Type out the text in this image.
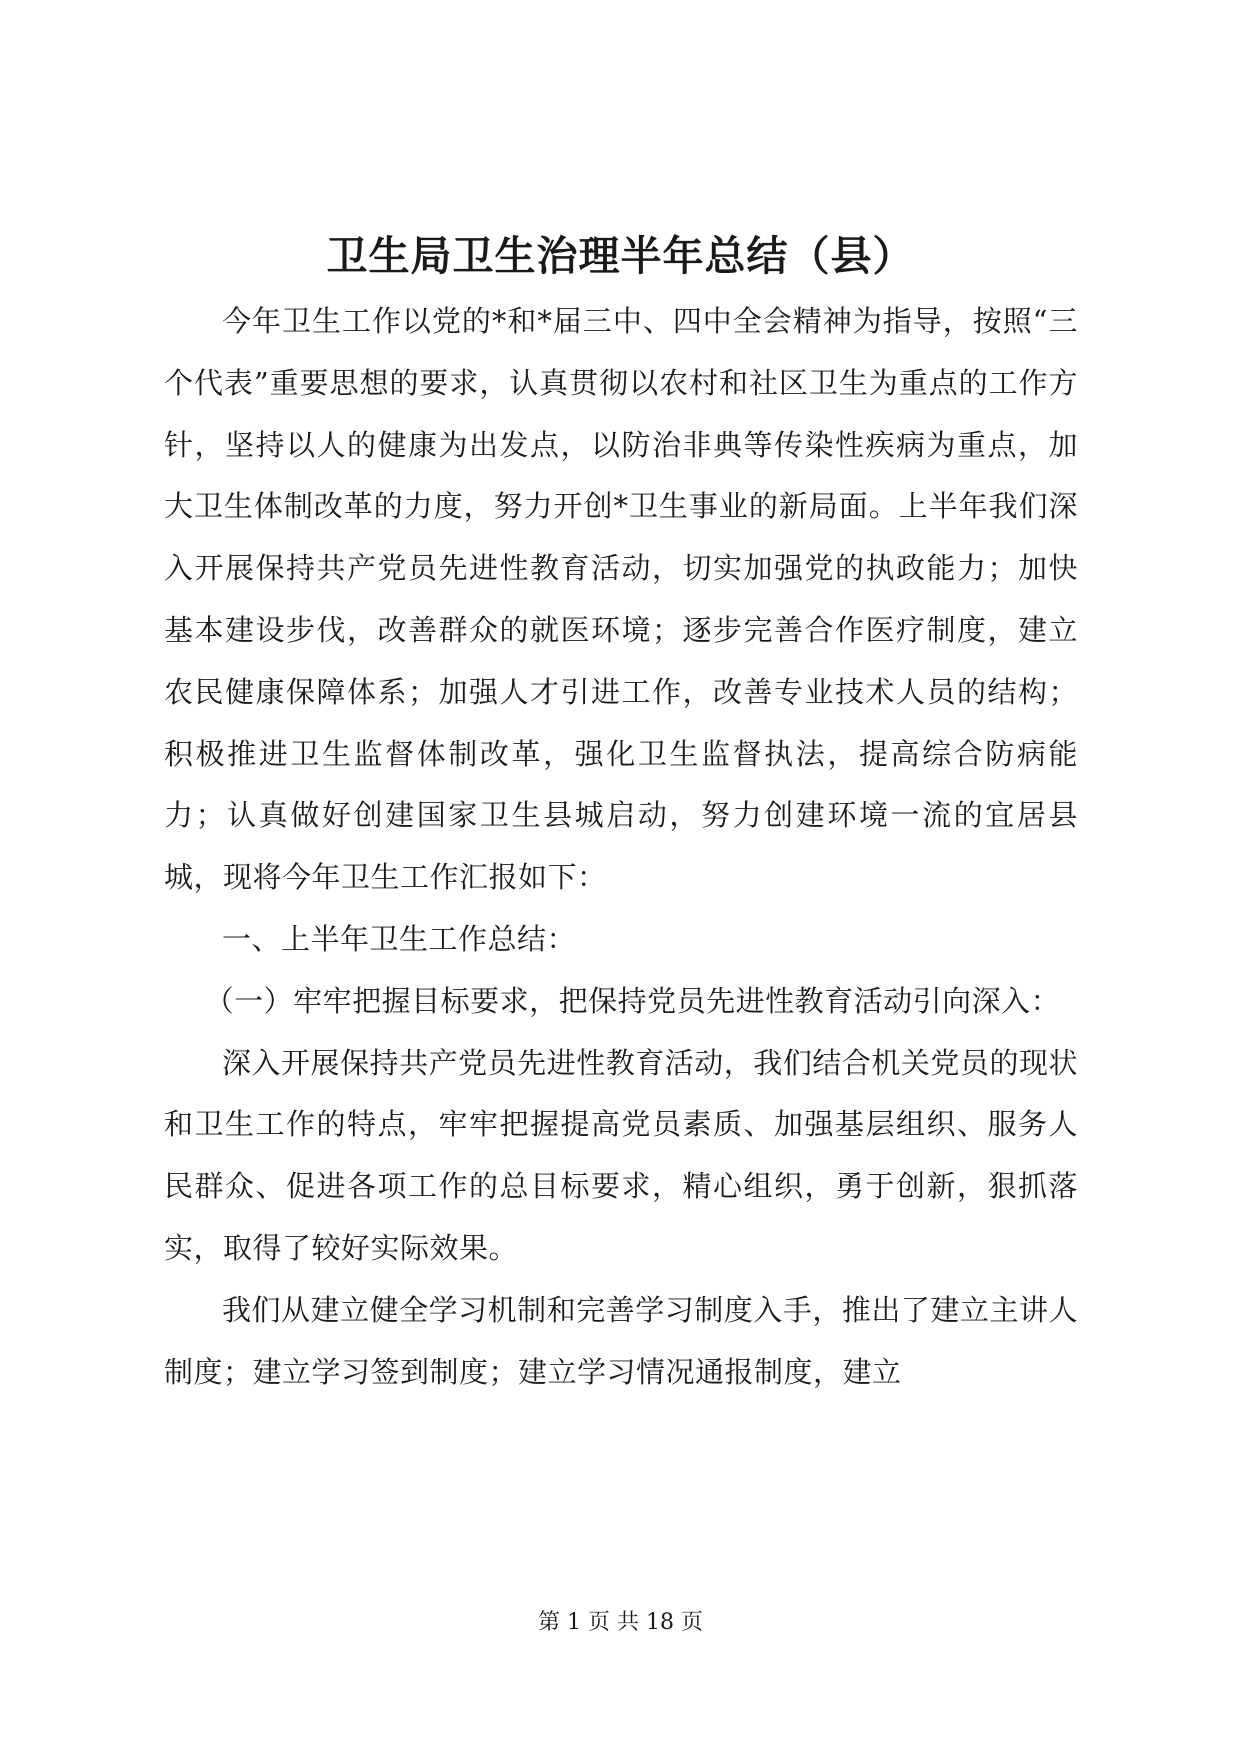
卫生局卫生治理半年总结（县）

今年卫生工作以党的*和*届三中、四中全会精神为指导，按照“三个代表”重要思想的要求，认真贯彻以农村和社区卫生为重点的工作方针，坚持以人的健康为出发点，以防治非典等传染性疾病为重点，加大卫生体制改革的力度，努力开创*卫生事业的新局面。上半年我们深入开展保持共产党员先进性教育活动，切实加强党的执政能力；加快基本建设步伐，改善群众的就医环境；逐步完善合作医疗制度，建立农民健康保障体系；加强人才引进工作，改善专业技术人员的结构；积极推进卫生监督体制改革，强化卫生监督执法，提高综合防病能力；认真做好创建国家卫生县城启动，努力创建环境一流的宜居县城，现将今年卫生工作汇报如下：

一、上半年卫生工作总结：

（一）牢牢把握目标要求，把保持党员先进性教育活动引向深入：

深入开展保持共产党员先进性教育活动，我们结合机关党员的现状和卫生工作的特点，牢牢把握提高党员素质、加强基层组织、服务人民群众、促进各项工作的总目标要求，精心组织，勇于创新，狠抓落实，取得了较好实际效果。

我们从建立健全学习机制和完善学习制度入手，推出了建立主讲人制度；建立学习签到制度；建立学习情况通报制度，建立

第 1 页 共 18 页
